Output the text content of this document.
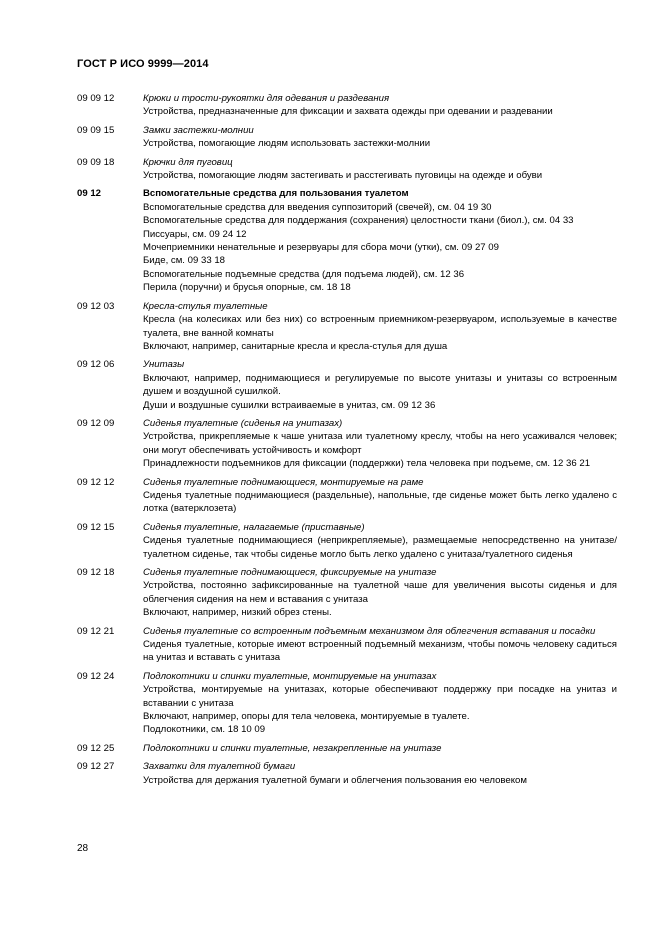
ГОСТ Р ИСО 9999—2014
09 09 12	Крюки и трости-рукоятки для одевания и раздевания
Устройства, предназначенные для фиксации и захвата одежды при одевании и раздевании
09 09 15	Замки застежки-молнии
Устройства, помогающие людям использовать застежки-молнии
09 09 18	Крючки для пуговиц
Устройства, помогающие людям застегивать и расстегивать пуговицы на одежде и обуви
09 12	Вспомогательные средства для пользования туалетом
Вспомогательные средства для введения суппозиторий (свечей), см. 04 19 30
Вспомогательные средства для поддержания (сохранения) целостности ткани (биол.), см. 04 33
Писсуары, см. 09 24 12
Мочеприемники ненательные и резервуары для сбора мочи (утки), см. 09 27 09
Биде, см. 09 33 18
Вспомогательные подъемные средства (для подъема людей), см. 12 36
Перила (поручни) и брусья опорные, см. 18 18
09 12 03	Кресла-стулья туалетные
Кресла (на колесиках или без них) со встроенным приемником-резервуаром, используемые в качестве туалета, вне ванной комнаты
Включают, например, санитарные кресла и кресла-стулья для душа
09 12 06	Унитазы
Включают, например, поднимающиеся и регулируемые по высоте унитазы и унитазы со встроенным душем и воздушной сушилкой.
Души и воздушные сушилки встраиваемые в унитаз, см. 09 12 36
09 12 09	Сиденья туалетные (сиденья на унитазах)
Устройства, прикрепляемые к чаше унитаза или туалетному креслу, чтобы на него усаживался человек; они могут обеспечивать устойчивость и комфорт
Принадлежности подъемников для фиксации (поддержки) тела человека при подъеме, см. 12 36 21
09 12 12	Сиденья туалетные поднимающиеся, монтируемые на раме
Сиденья туалетные поднимающиеся (раздельные), напольные, где сиденье может быть легко удалено с лотка (ватерклозета)
09 12 15	Сиденья туалетные, налагаемые (приставные)
Сиденья туалетные поднимающиеся (неприкрепляемые), размещаемые непосредственно на унитазе/туалетном сиденье, так чтобы сиденье могло быть легко удалено с унитаза/туалетного сиденья
09 12 18	Сиденья туалетные поднимающиеся, фиксируемые на унитазе
Устройства, постоянно зафиксированные на туалетной чаше для увеличения высоты сиденья и для облегчения сидения на нем и вставания с унитаза
Включают, например, низкий обрез стены.
09 12 21	Сиденья туалетные со встроенным подъемным механизмом для облегчения вставания и посадки
Сиденья туалетные, которые имеют встроенный подъемный механизм, чтобы помочь человеку садиться на унитаз и вставать с унитаза
09 12 24	Подлокотники и спинки туалетные, монтируемые на унитазах
Устройства, монтируемые на унитазах, которые обеспечивают поддержку при посадке на унитаз и вставании с унитаза
Включают, например, опоры для тела человека, монтируемые в туалете.
Подлокотники, см. 18 10 09
09 12 25	Подлокотники и спинки туалетные, незакрепленные на унитазе
09 12 27	Захватки для туалетной бумаги
Устройства для держания туалетной бумаги и облегчения пользования ею человеком
28
